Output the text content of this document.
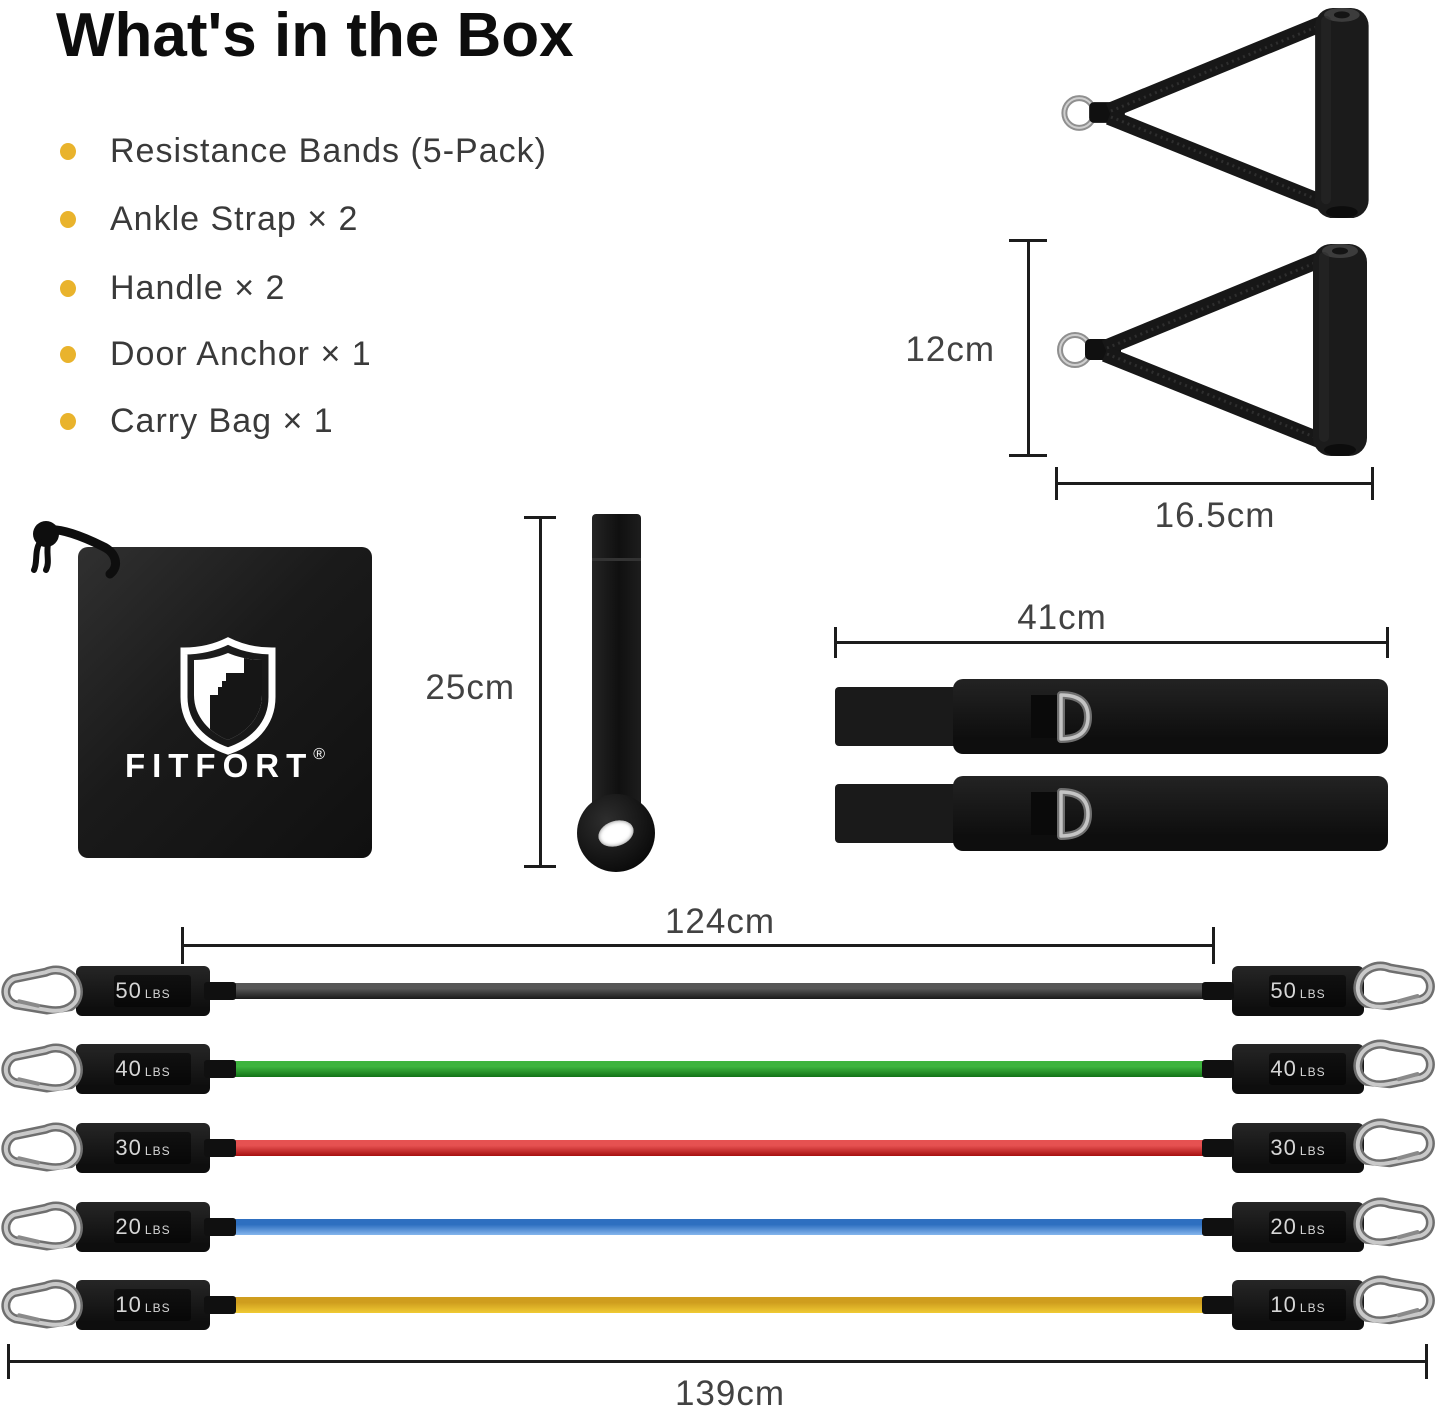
What's in the Box
Resistance Bands (5-Pack)
Ankle Strap × 2
Handle × 2
Door Anchor × 1
Carry Bag × 1
12cm
16.5cm
FITFORT®
25cm
41cm
124cm
50 LBS	50 LBS
40 LBS	40 LBS
30 LBS	30 LBS
20 LBS	20 LBS
10 LBS	10 LBS
139cm
